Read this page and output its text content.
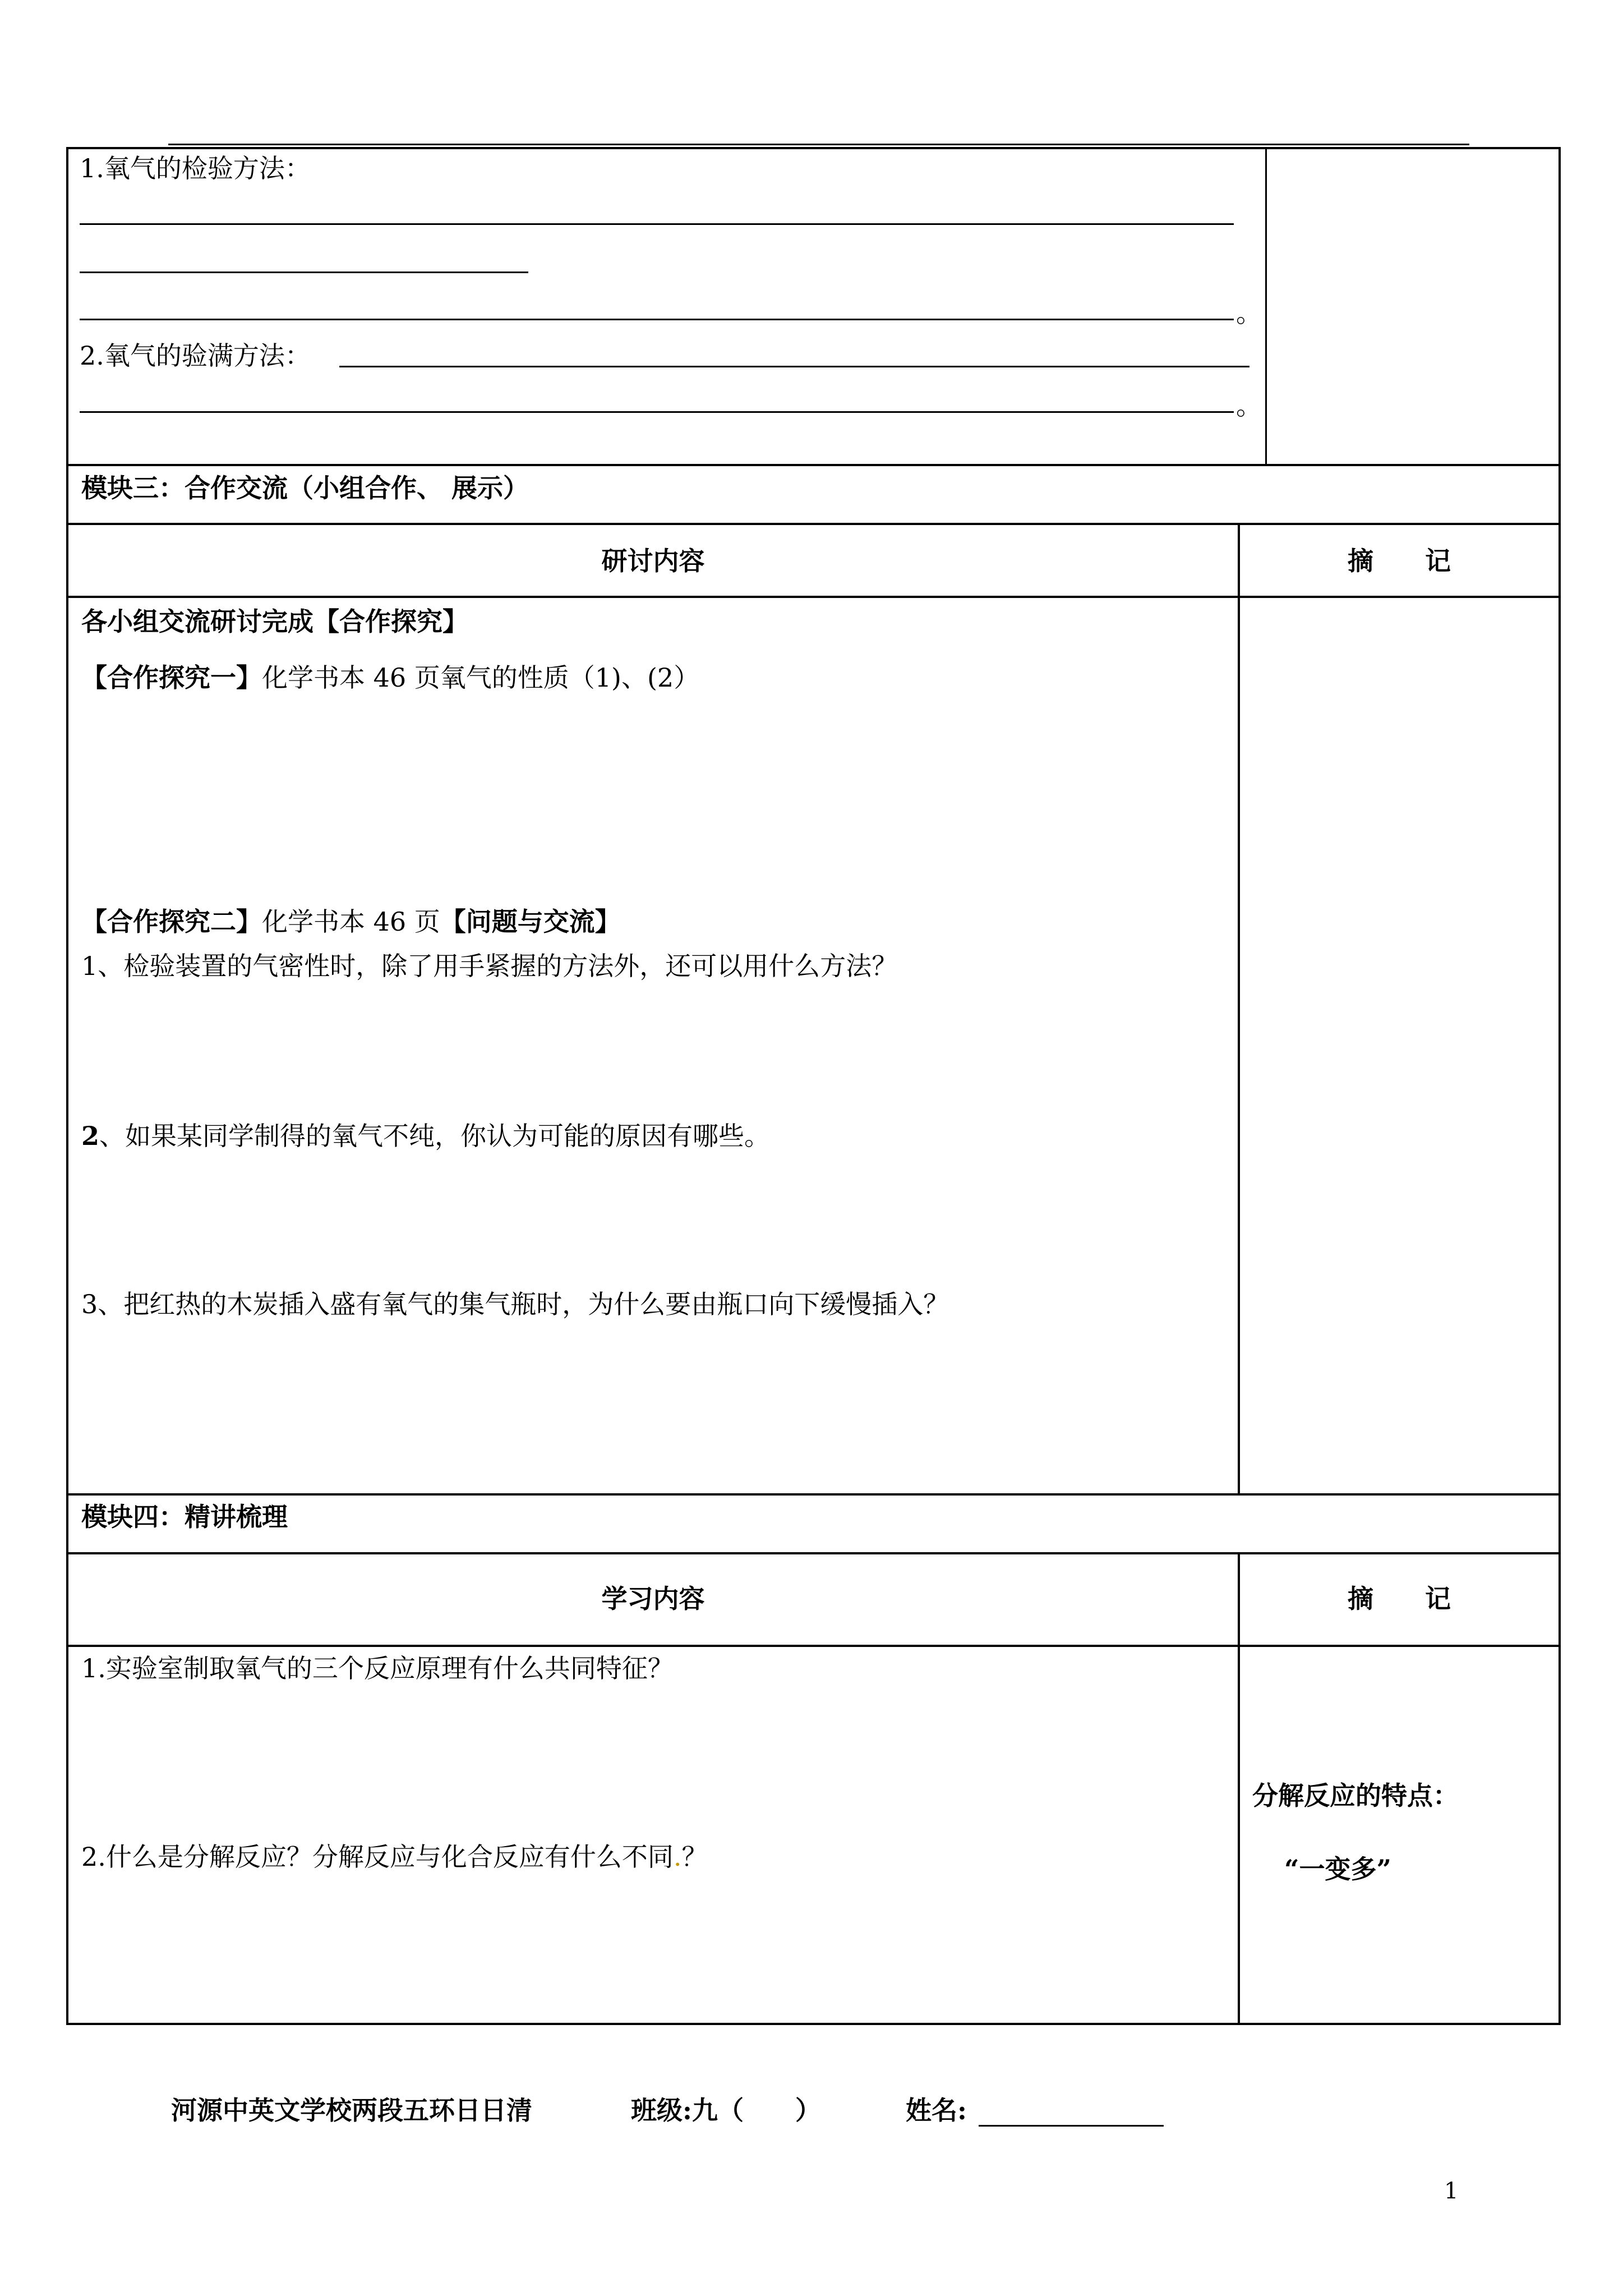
1.氧气的检验方法：
。
2.氧气的验满方法：
。
模块三：合作交流（小组合作、 展示）
研讨内容	摘　　记
各小组交流研讨完成【合作探究】
【合作探究一】化学书本 46 页氧气的性质（1)、(2）
【合作探究二】化学书本 46 页【问题与交流】
1、检验装置的气密性时，除了用手紧握的方法外，还可以用什么方法？
2、如果某同学制得的氧气不纯，你认为可能的原因有哪些。
3、把红热的木炭插入盛有氧气的集气瓶时，为什么要由瓶口向下缓慢插入？
模块四：精讲梳理
学习内容	摘　　记
1.实验室制取氧气的三个反应原理有什么共同特征？
2.什么是分解反应？分解反应与化合反应有什么不同.？
分解反应的特点：
“一变多”
河源中英文学校两段五环日日清	班级:九（　　）	姓名:
1
